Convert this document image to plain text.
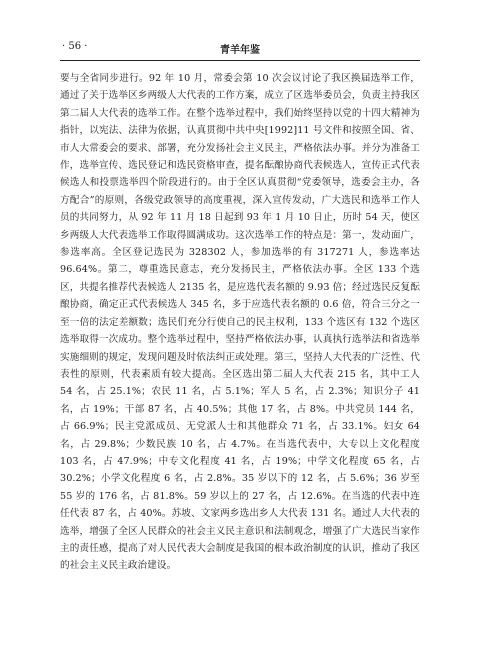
· 56 ·	青羊年鉴

要与全省同步进行。92 年 10 月，常委会第 10 次会议讨论了我区换届选举工作，通过了关于选举区乡两级人大代表的工作方案，成立了区选举委员会，负责主持我区第二届人大代表的选举工作。在整个选举过程中，我们始终坚持以党的十四大精神为指针，以宪法、法律为依据，认真贯彻中共中央[1992]11 号文件和按照全国、省、市人大常委会的要求、部署，充分发扬社会主义民主，严格依法办事。并分为准备工作，选举宣传、选民登记和选民资格审查，提名酝酿协商代表候选人，宣传正式代表候选人和投票选举四个阶段进行的。由于全区认真贯彻“党委领导，选委会主办，各方配合”的原则，各级党政领导的高度重视，深入宣传发动，广大选民和选举工作人员的共同努力，从 92 年 11 月 18 日起到 93 年 1 月 10 日止，历时 54 天，使区乡两级人大代表选举工作取得圆满成功。这次选举工作的特点是：第一，发动面广，参选率高。全区登记选民为 328302 人，参加选举的有 317271 人，参选率达 96.64%。第二，尊重选民意志，充分发扬民主，严格依法办事。全区 133 个选区，共提名推荐代表候选人 2135 名，是应选代表名额的 9.93 倍；经过选民反复酝酿协商，确定正式代表候选人 345 名，多于应选代表名额的 0.6 倍，符合三分之一至一倍的法定差额数；选民们充分行使自己的民主权利，133 个选区有 132 个选区选举取得一次成功。整个选举过程中，坚持严格依法办事，认真执行选举法和省选举实施细则的规定，发现问题及时依法纠正或处理。第三，坚持人大代表的广泛性、代表性的原则，代表素质有较大提高。全区选出第二届人大代表 215 名，其中工人 54 名，占 25.1%；农民 11 名，占 5.1%；军人 5 名，占 2.3%；知识分子 41 名，占 19%；干部 87 名，占 40.5%；其他 17 名，占 8%。中共党员 144 名，占 66.9%；民主党派成员、无党派人士和其他群众 71 名，占 33.1%。妇女 64 名，占 29.8%；少数民族 10 名，占 4.7%。在当选代表中，大专以上文化程度 103 名，占 47.9%；中专文化程度 41 名，占 19%；中学文化程度 65 名，占 30.2%；小学文化程度 6 名，占 2.8%。35 岁以下的 12 名，占 5.6%；36 岁至 55 岁的 176 名，占 81.8%。59 岁以上的 27 名，占 12.6%。在当选的代表中连任代表 87 名，占 40%。苏坡、文家两乡选出乡人大代表 131 名。通过人大代表的选举，增强了全区人民群众的社会主义民主意识和法制观念，增强了广大选民当家作主的责任感，提高了对人民代表大会制度是我国的根本政治制度的认识，推动了我区的社会主义民主政治建设。
